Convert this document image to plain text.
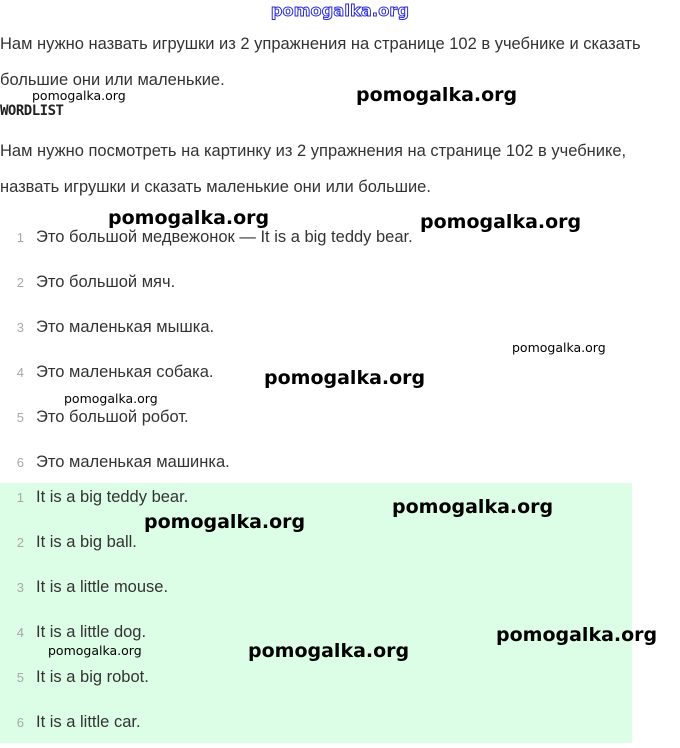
pomogalka.org

Нам нужно назвать игрушки из 2 упражнения на странице 102 в учебнике и сказать большие они или маленькие.

WORDLIST

Нам нужно посмотреть на картинку из 2 упражнения на странице 102 в учебнике, назвать игрушки и сказать маленькие они или большие.

1 Это большой медвежонок — It is a big teddy bear.
2 Это большой мяч.
3 Это маленькая мышка.
4 Это маленькая собака.
5 Это большой робот.
6 Это маленькая машинка.
1 It is a big teddy bear.
2 It is a big ball.
3 It is a little mouse.
4 It is a little dog.
5 It is a big robot.
6 It is a little car.
pomogalka.org	pomogalka.org
pomogalka.org	pomogalka.org
pomogalka.org
pomogalka.org
pomogalka.org
pomogalka.org
pomogalka.org
pomogalka.org
pomogalka.org
pomogalka.org
